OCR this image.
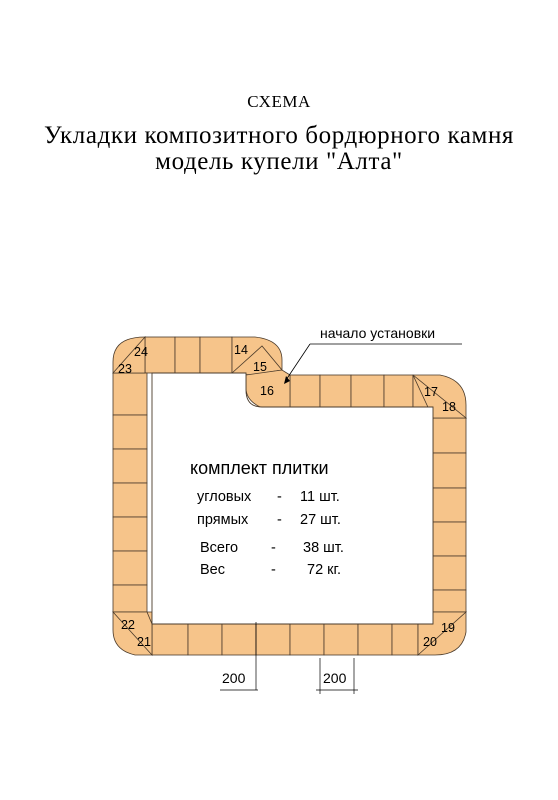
СХЕМА
Укладки композитного бордюрного камня
модель купели "Алта"
24
23
14
15
16	17
18
19
20
21
22
начало установки
200	200
комплект плитки
угловых - 11 шт.
прямых - 27 шт.
Всего - 38 шт.
Вес	- 72 кг.
